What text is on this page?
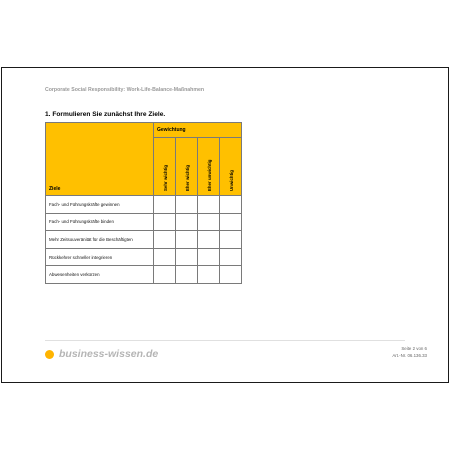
Corporate Social Responsibility: Work-Life-Balance-Maßnahmen
1. Formulieren Sie zunächst Ihre Ziele.
Ziele	Gewichtung			

	Sehr wichtig	Eher wichtig	Eher unwichtig	Unwichtig

Fach- und Führungskräfte gewinnen				
Fach- und Führungskräfte binden				
Mehr Zeitsouveränität für die Beschäftigten				
Rückkehrer schneller integrieren				
Abwesenheiten verkürzen				
business-wissen.de	Seite 2 von 6
Art.-Nr. 06.136.33
